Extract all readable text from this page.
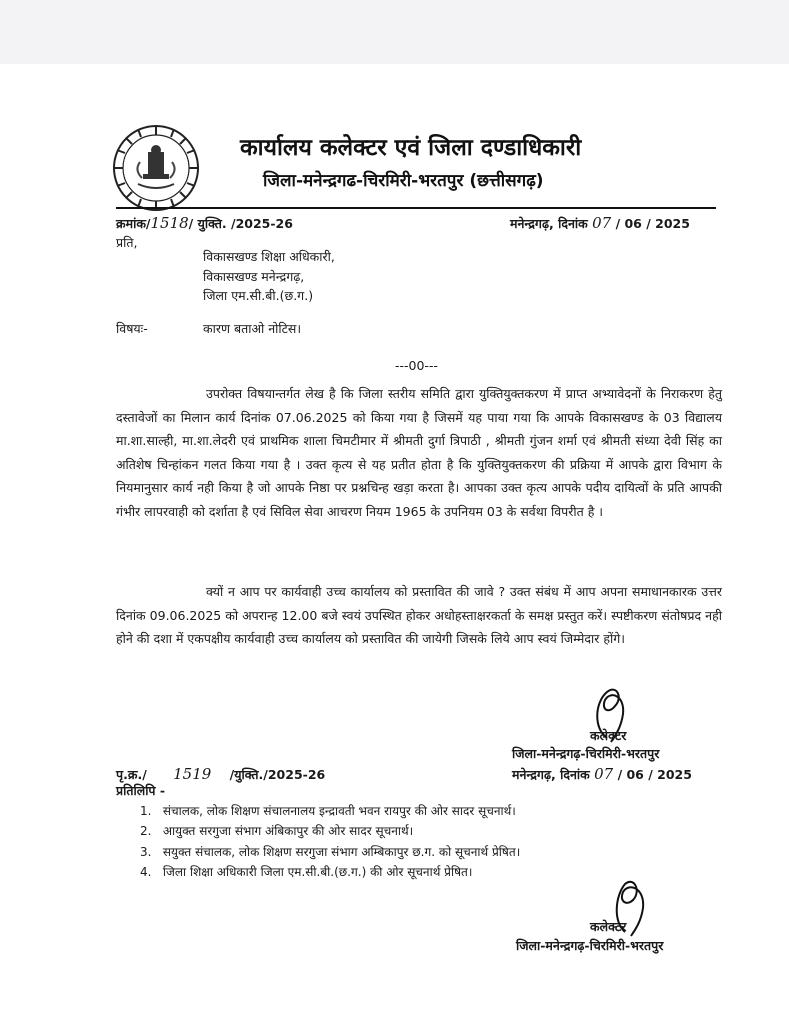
कार्यालय कलेक्टर एवं जिला दण्डाधिकारी
जिला-मनेन्द्रगढ-चिरमिरी-भरतपुर (छत्तीसगढ़)
क्रमांक/1518/ युक्ति. /2025-26	मनेन्द्रगढ़, दिनांक 07 / 06 / 2025
प्रति,
विकासखण्ड शिक्षा अधिकारी,
विकासखण्ड मनेन्द्रगढ़,
जिला एम.सी.बी.(छ.ग.)
विषयः-	कारण बताओ नोटिस।
---00---
उपरोक्त विषयान्तर्गत लेख है कि जिला स्तरीय समिति द्वारा युक्तियुक्तकरण में प्राप्त अभ्यावेदनों के निराकरण हेतु दस्तावेजों का मिलान कार्य दिनांक 07.06.2025 को किया गया है जिसमें यह पाया गया कि आपके विकासखण्ड के 03 विद्यालय मा.शा.साल्ही, मा.शा.लेदरी एवं प्राथमिक शाला चिमटीमार में श्रीमती दुर्गा त्रिपाठी , श्रीमती गुंजन शर्मा एवं श्रीमती संध्या देवी सिंह का अतिशेष चिन्हांकन गलत किया गया है । उक्त कृत्य से यह प्रतीत होता है कि युक्तियुक्तकरण की प्रक्रिया में आपके द्वारा विभाग के नियमानुसार कार्य नही किया है जो आपके निष्ठा पर प्रश्नचिन्ह खड़ा करता है। आपका उक्त कृत्य आपके पदीय दायित्वों के प्रति आपकी गंभीर लापरवाही को दर्शाता है एवं सिविल सेवा आचरण नियम 1965 के उपनियम 03 के सर्वथा विपरीत है ।
क्यों न आप पर कार्यवाही उच्च कार्यालय को प्रस्तावित की जावे ? उक्त संबंध में आप अपना समाधानकारक उत्तर दिनांक 09.06.2025 को अपरान्ह 12.00 बजे स्वयं उपस्थित होकर अधोहस्ताक्षरकर्ता के समक्ष प्रस्तुत करें। स्पष्टीकरण संतोषप्रद नही होने की दशा में एकपक्षीय कार्यवाही उच्च कार्यालय को प्रस्तावित की जायेगी जिसके लिये आप स्वयं जिम्मेदार होंगे।
कलेक्टर
जिला-मनेन्द्रगढ़-चिरमिरी-भरतपुर
पृ.क्र./ 1519 /युक्ति./2025-26	मनेन्द्रगढ़, दिनांक 07 / 06 / 2025
प्रतिलिपि -
1. संचालक, लोक शिक्षण संचालनालय इन्द्रावती भवन रायपुर की ओर सादर सूचनार्थ।
2. आयुक्त सरगुजा संभाग अंबिकापुर की ओर सादर सूचनार्थ।
3. सयुक्त संचालक, लोक शिक्षण सरगुजा संभाग अम्बिकापुर छ.ग. को सूचनार्थ प्रेषित।
4. जिला शिक्षा अधिकारी जिला एम.सी.बी.(छ.ग.) की ओर सूचनार्थ प्रेषित।
कलेक्टर
जिला-मनेन्द्रगढ़-चिरमिरी-भरतपुर
